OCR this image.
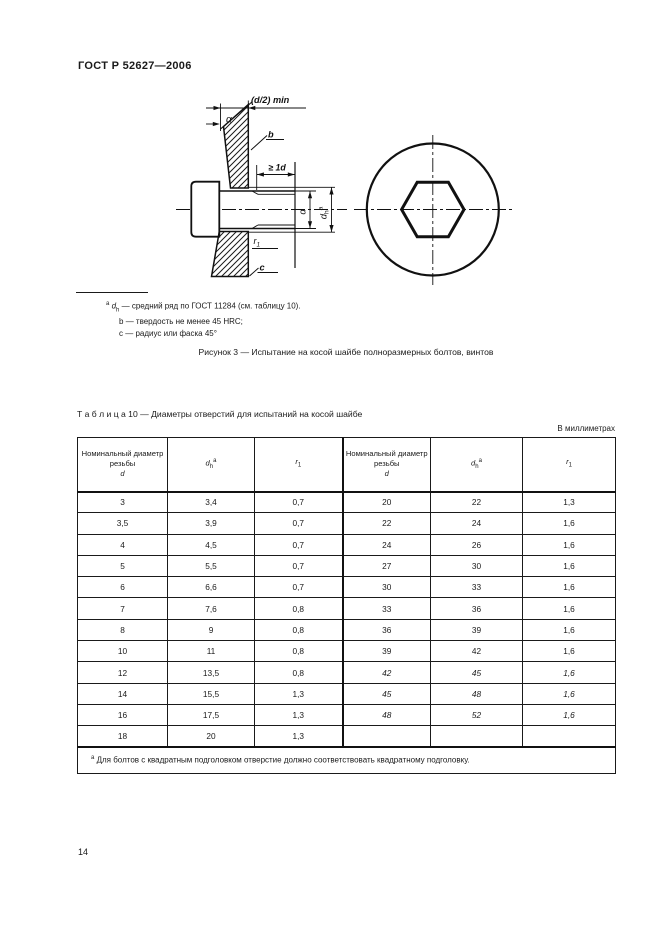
ГОСТ Р 52627—2006
(d/2) min
α
b
≥ 1d
d
$d_h^a$
$r_1$
c
$^a$ $d_h$ — средний ряд по ГОСТ 11284 (см. таблицу 10).
b — твердость не менее 45 HRC;
c — радиус или фаска 45°
Рисунок 3 — Испытание на косой шайбе полноразмерных болтов, винтов
Т а б л и ц а 10 — Диаметры отверстий для испытаний на косой шайбе
В миллиметрах
Номинальный диаметр резьбы
d
	$d_h^a$	$r_1$	
Номинальный диаметр резьбы
d
	$d_h^a$	$r_1$
3	3,4	0,7	20	22	1,3
3,5	3,9	0,7	22	24	1,6
4	4,5	0,7	24	26	1,6
5	5,5	0,7	27	30	1,6
6	6,6	0,7	30	33	1,6
7	7,6	0,8	33	36	1,6
8	9	0,8	36	39	1,6
10	11	0,8	39	42	1,6
12	13,5	0,8	42	45	1,6
14	15,5	1,3	45	48	1,6
16	17,5	1,3	48	52	1,6
18	20	1,3			
$^a$ Для болтов с квадратным подголовком отверстие должно соответствовать квадратному подголовку.					
14
